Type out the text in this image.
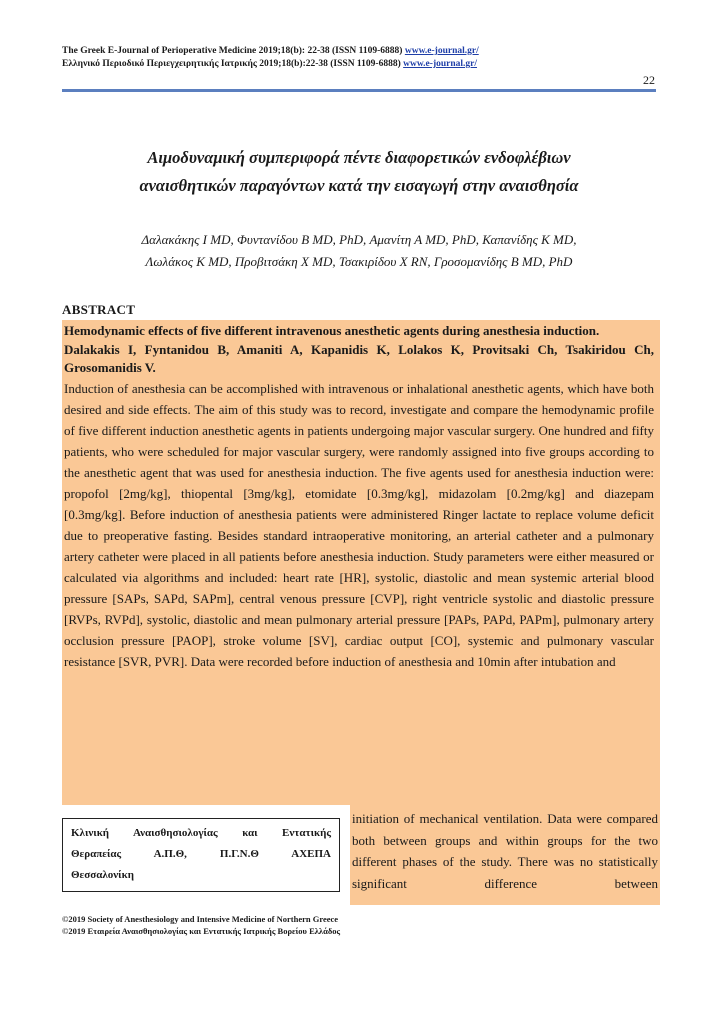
The Greek E-Journal of Perioperative Medicine 2019;18(b): 22-38 (ISSN 1109-6888) www.e-journal.gr/
Ελληνικό Περιοδικό Περιεγχειρητικής Ιατρικής 2019;18(b):22-38 (ISSN 1109-6888) www.e-journal.gr/
22
Αιμοδυναμική συμπεριφορά πέντε διαφορετικών ενδοφλέβιων
αναισθητικών παραγόντων κατά την εισαγωγή στην αναισθησία
Δαλακάκης Ι MD, Φυντανίδου Β MD, PhD, Αμανίτη Α MD, PhD, Καπανίδης Κ MD,
Λωλάκος Κ MD, Προβιτσάκη Χ MD, Τσακιρίδου Χ RN, Γροσομανίδης Β MD, PhD
ABSTRACT
Hemodynamic effects of five different intravenous anesthetic agents during anesthesia induction.
Dalakakis I, Fyntanidou B, Amaniti A, Kapanidis K, Lolakos K, Provitsaki Ch, Tsakiridou Ch, Grosomanidis V.
Induction of anesthesia can be accomplished with intravenous or inhalational anesthetic agents, which have both desired and side effects. The aim of this study was to record, investigate and compare the hemodynamic profile of five different induction anesthetic agents in patients undergoing major vascular surgery. One hundred and fifty patients, who were scheduled for major vascular surgery, were randomly assigned into five groups according to the anesthetic agent that was used for anesthesia induction. The five agents used for anesthesia induction were: propofol [2mg/kg], thiopental [3mg/kg], etomidate [0.3mg/kg], midazolam [0.2mg/kg] and diazepam [0.3mg/kg]. Before induction of anesthesia patients were administered Ringer lactate to replace volume deficit due to preoperative fasting. Besides standard intraoperative monitoring, an arterial catheter and a pulmonary artery catheter were placed in all patients before anesthesia induction. Study parameters were either measured or calculated via algorithms and included: heart rate [HR], systolic, diastolic and mean systemic arterial blood pressure [SAPs, SAPd, SAPm], central venous pressure [CVP], right ventricle systolic and diastolic pressure [RVPs, RVPd], systolic, diastolic and mean pulmonary arterial pressure [PAPs, PAPd, PAPm], pulmonary artery occlusion pressure [PAOP], stroke volume [SV], cardiac output [CO], systemic and pulmonary vascular resistance [SVR, PVR]. Data were recorded before induction of anesthesia and 10min after intubation and
initiation of mechanical ventilation. Data were compared both between groups and within groups for the two different phases of the study. There was no statistically significant difference between
Κλινική Αναισθησιολογίας και Εντατικής
Θεραπείας Α.Π.Θ, Π.Γ.Ν.Θ ΑΧΕΠΑ
Θεσσαλονίκη
©2019 Society of Anesthesiology and Intensive Medicine of Northern Greece
©2019 Εταιρεία Αναισθησιολογίας και Εντατικής Ιατρικής Βορείου Ελλάδος
